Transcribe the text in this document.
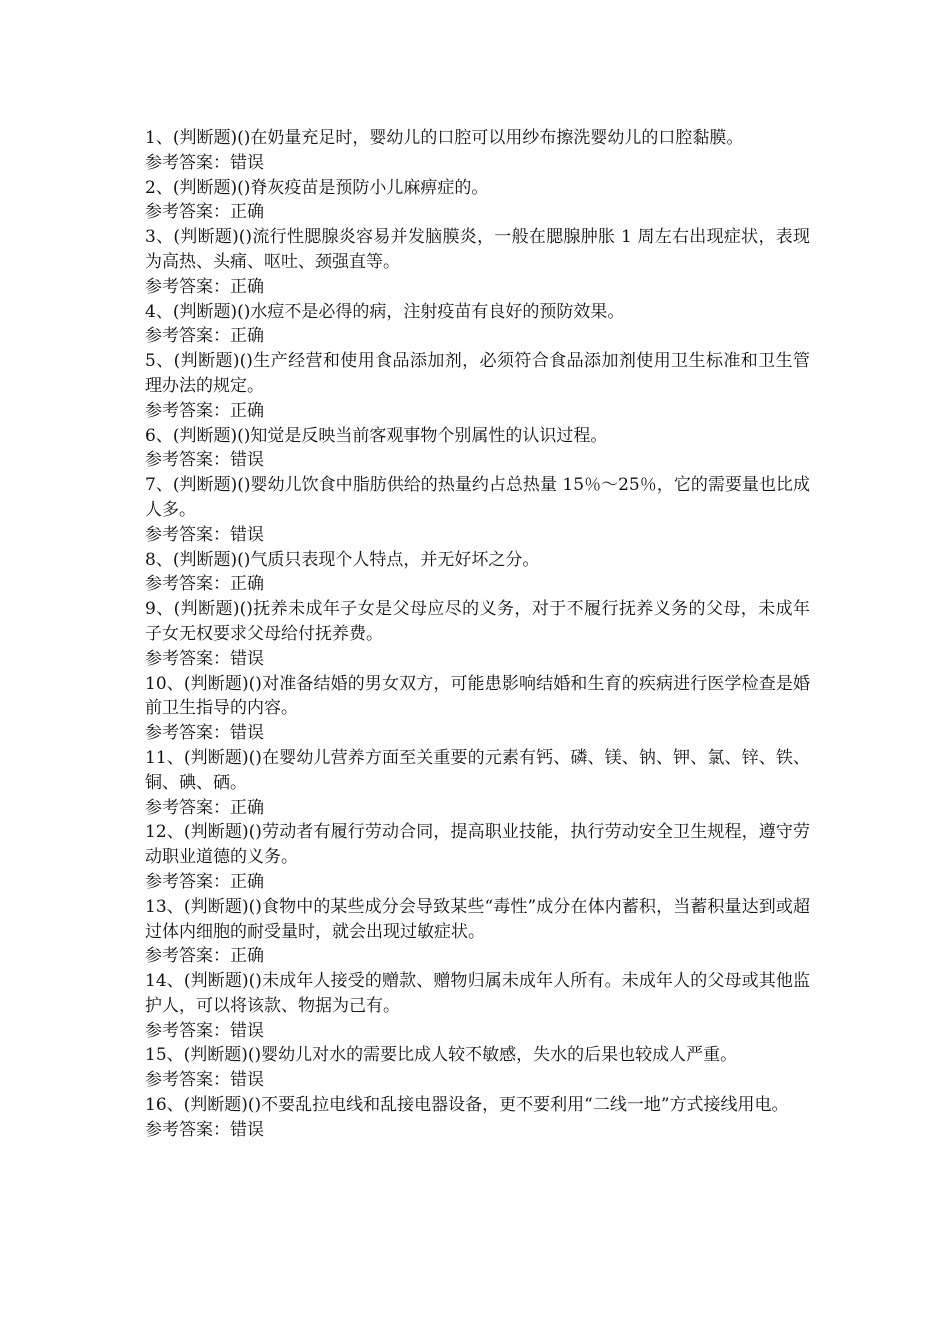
1、(判断题)()在奶量充足时，婴幼儿的口腔可以用纱布擦洗婴幼儿的口腔黏膜。

参考答案：错误

2、(判断题)()脊灰疫苗是预防小儿麻痹症的。

参考答案：正确

3、(判断题)()流行性腮腺炎容易并发脑膜炎，一般在腮腺肿胀 1 周左右出现症状，表现为高热、头痛、呕吐、颈强直等。

参考答案：正确

4、(判断题)()水痘不是必得的病，注射疫苗有良好的预防效果。

参考答案：正确

5、(判断题)()生产经营和使用食品添加剂，必须符合食品添加剂使用卫生标准和卫生管理办法的规定。

参考答案：正确

6、(判断题)()知觉是反映当前客观事物个别属性的认识过程。

参考答案：错误

7、(判断题)()婴幼儿饮食中脂肪供给的热量约占总热量 15％～25％，它的需要量也比成人多。

参考答案：错误

8、(判断题)()气质只表现个人特点，并无好坏之分。

参考答案：正确

9、(判断题)()抚养未成年子女是父母应尽的义务，对于不履行抚养义务的父母，未成年子女无权要求父母给付抚养费。

参考答案：错误

10、(判断题)()对准备结婚的男女双方，可能患影响结婚和生育的疾病进行医学检查是婚前卫生指导的内容。

参考答案：错误

11、(判断题)()在婴幼儿营养方面至关重要的元素有钙、磷、镁、钠、钾、氯、锌、铁、铜、碘、硒。

参考答案：正确

12、(判断题)()劳动者有履行劳动合同，提高职业技能，执行劳动安全卫生规程，遵守劳动职业道德的义务。

参考答案：正确

13、(判断题)()食物中的某些成分会导致某些“毒性”成分在体内蓄积，当蓄积量达到或超过体内细胞的耐受量时，就会出现过敏症状。

参考答案：正确

14、(判断题)()未成年人接受的赠款、赠物归属未成年人所有。未成年人的父母或其他监护人，可以将该款、物据为己有。

参考答案：错误

15、(判断题)()婴幼儿对水的需要比成人较不敏感，失水的后果也较成人严重。

参考答案：错误

16、(判断题)()不要乱拉电线和乱接电器设备，更不要利用“二线一地”方式接线用电。

参考答案：错误
